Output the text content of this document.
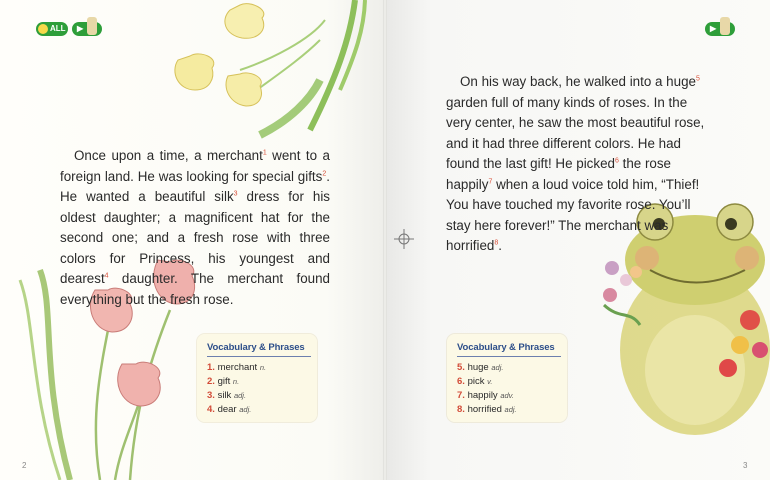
ALL	▶

Once upon a time, a merchant$^1$ went to a foreign land. He was looking for special gifts$^2$. He wanted a beautiful silk$^3$ dress for his oldest daughter; a magnificent hat for the second one; and a fresh rose with three colors for Princess, his youngest and dearest$^4$ daughter. The merchant found everything but the fresh rose.

Vocabulary & Phrases
1. merchant n.
2. gift n.
3. silk adj.
4. dear adj.
2
▶
Vocabulary & Phrases
5. huge adj.
6. pick v.
7. happily adv.
8. horrified adj.
3

On his way back, he walked into a huge$^5$ garden full of many kinds of roses. In the very center, he saw the most beautiful rose, and it had three different colors. He had found the last gift! He picked$^6$ the rose happily$^7$ when a loud voice told him, “Thief! You have touched my favorite rose. You’ll stay here forever!” The merchant was horrified$^8$.
